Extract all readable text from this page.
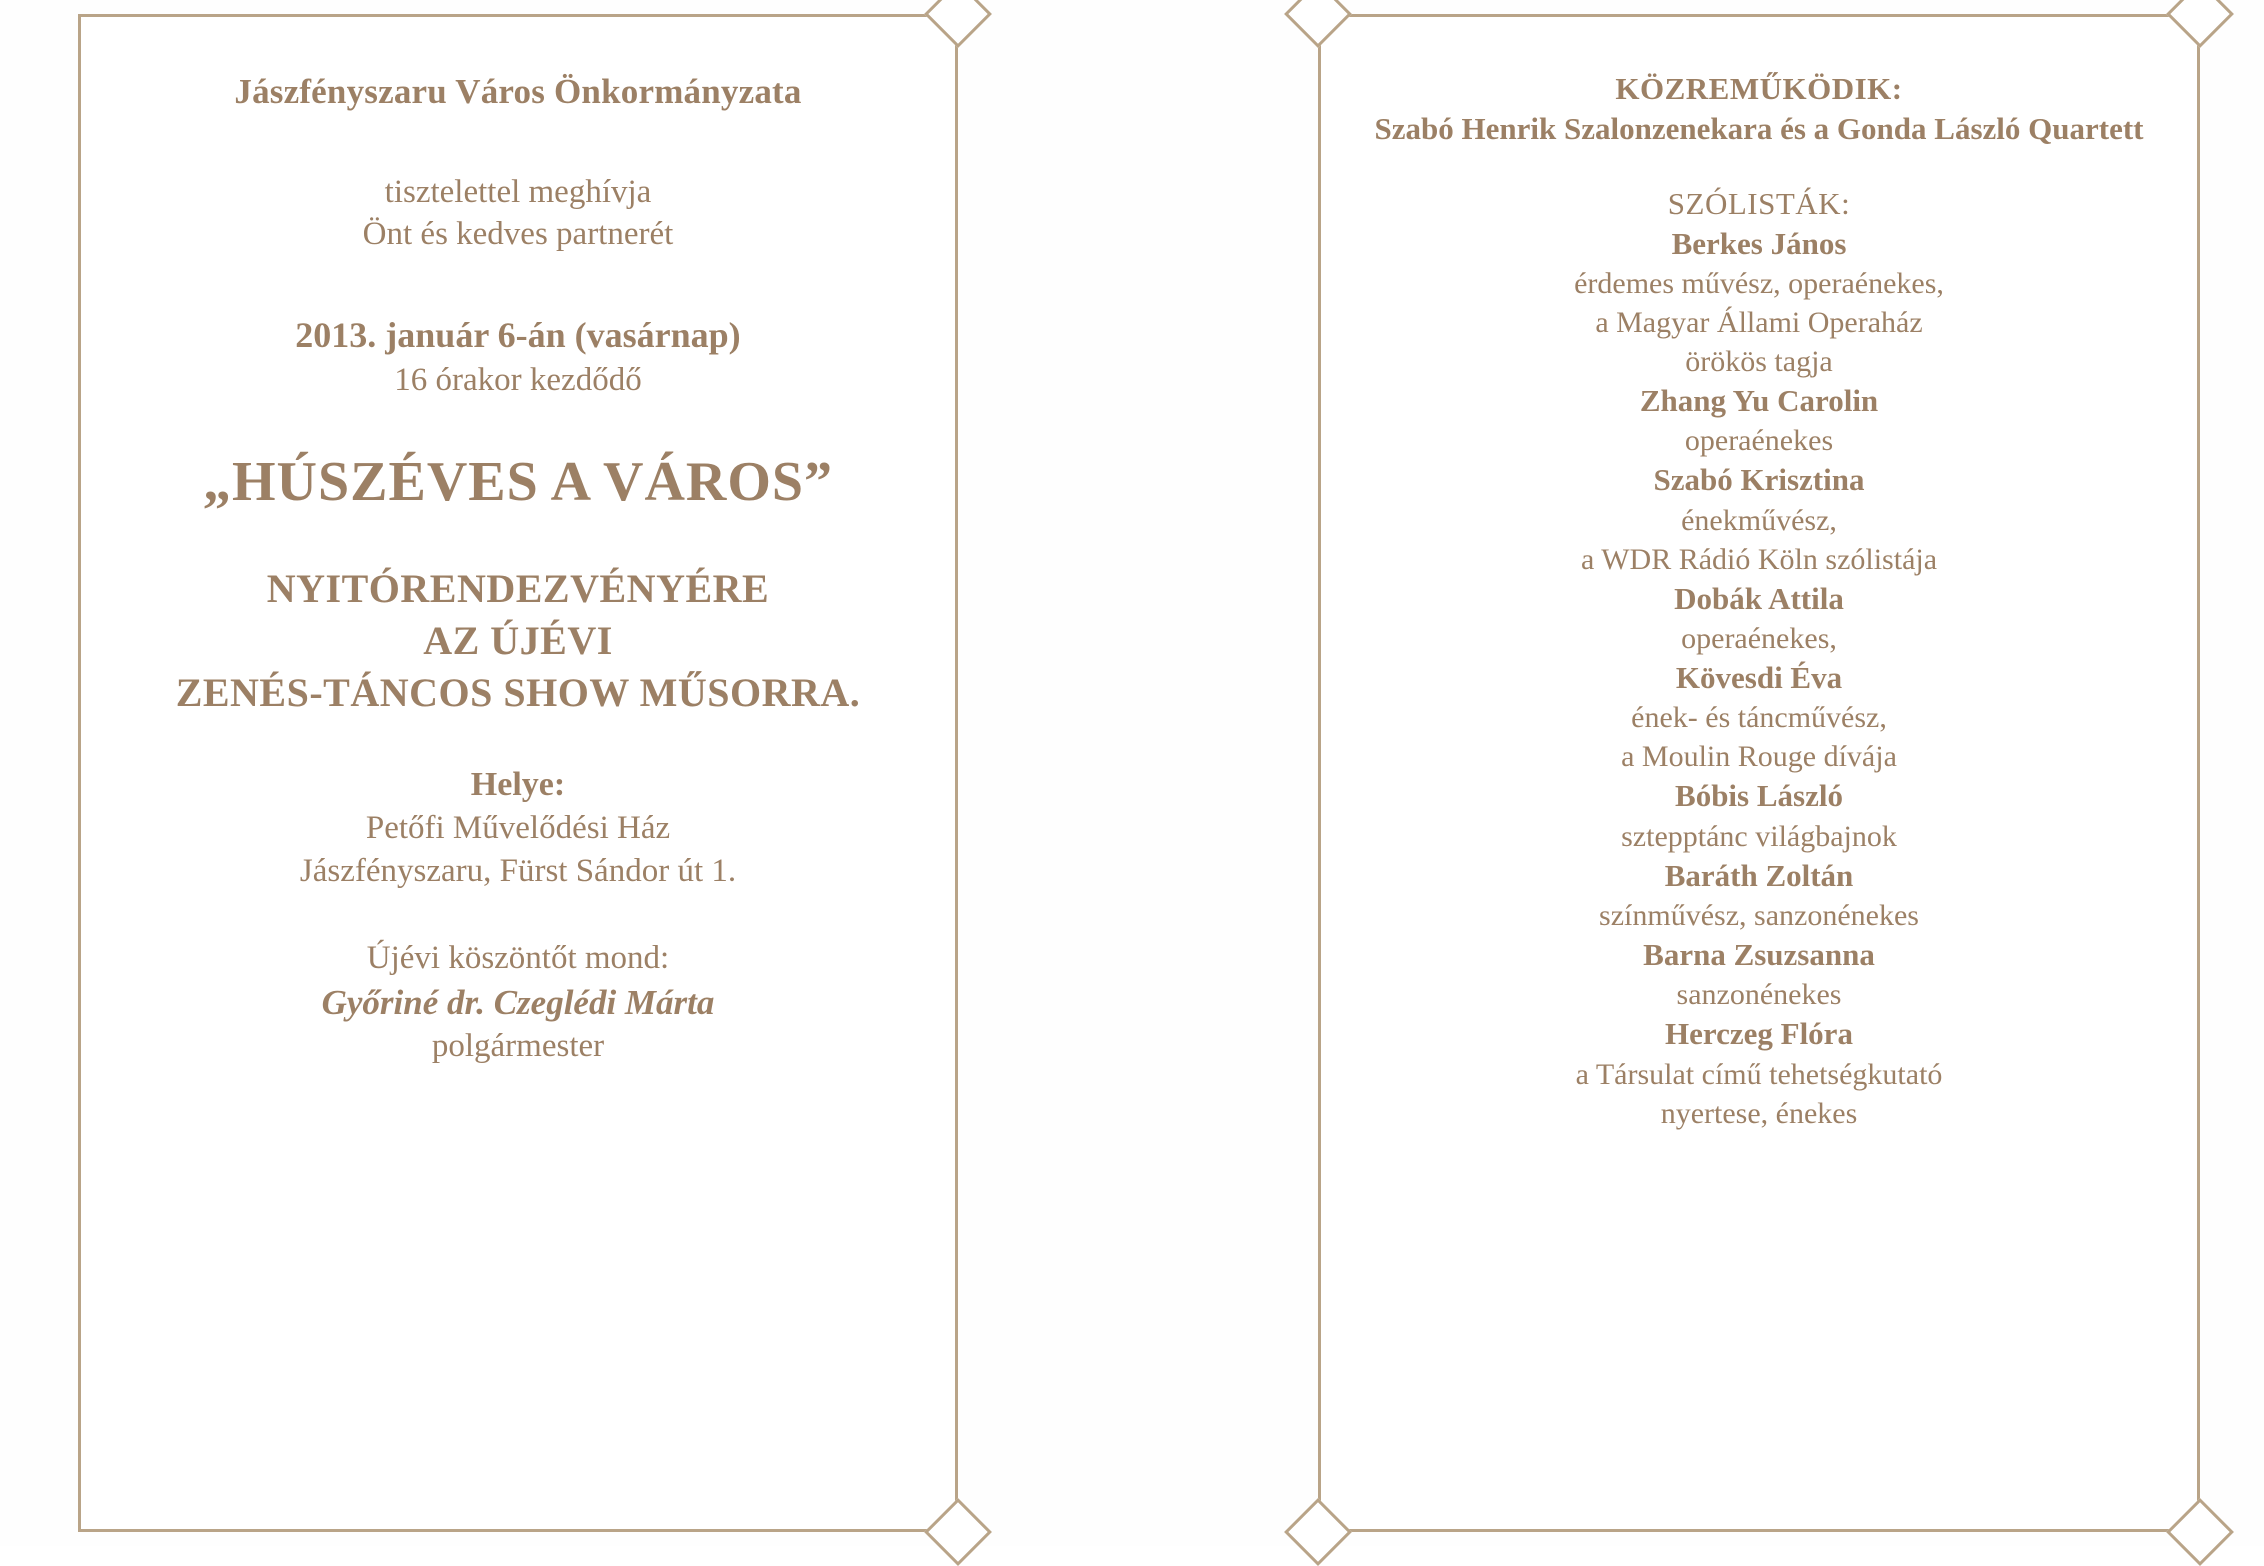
Jászfényszaru Város Önkormányzata
tisztelettel meghívja
Önt és kedves partnerét
2013. január 6-án (vasárnap)
16 órakor kezdődő
„HÚSZÉVES A VÁROS”
NYITÓRENDEZVÉNYÉRE
AZ ÚJÉVI
ZENÉS-TÁNCOS SHOW MŰSORRA.
Helye:
Petőfi Művelődési Ház
Jászfényszaru, Fürst Sándor út 1.
Újévi köszöntőt mond:
Győriné dr. Czeglédi Márta
polgármester
KÖZREMŰKÖDIK:
Szabó Henrik Szalonzenekara és a Gonda László Quartett
SZÓLISTÁK:
Berkes János
érdemes művész, operaénekes,
a Magyar Állami Operaház
örökös tagja
Zhang Yu Carolin
operaénekes
Szabó Krisztina
énekművész,
a WDR Rádió Köln szólistája
Dobák Attila
operaénekes,
Kövesdi Éva
ének- és táncművész,
a Moulin Rouge dívája
Bóbis László
sztepptánc világbajnok
Baráth Zoltán
színművész, sanzonénekes
Barna Zsuzsanna
sanzonénekes
Herczeg Flóra
a Társulat című tehetségkutató
nyertese, énekes
